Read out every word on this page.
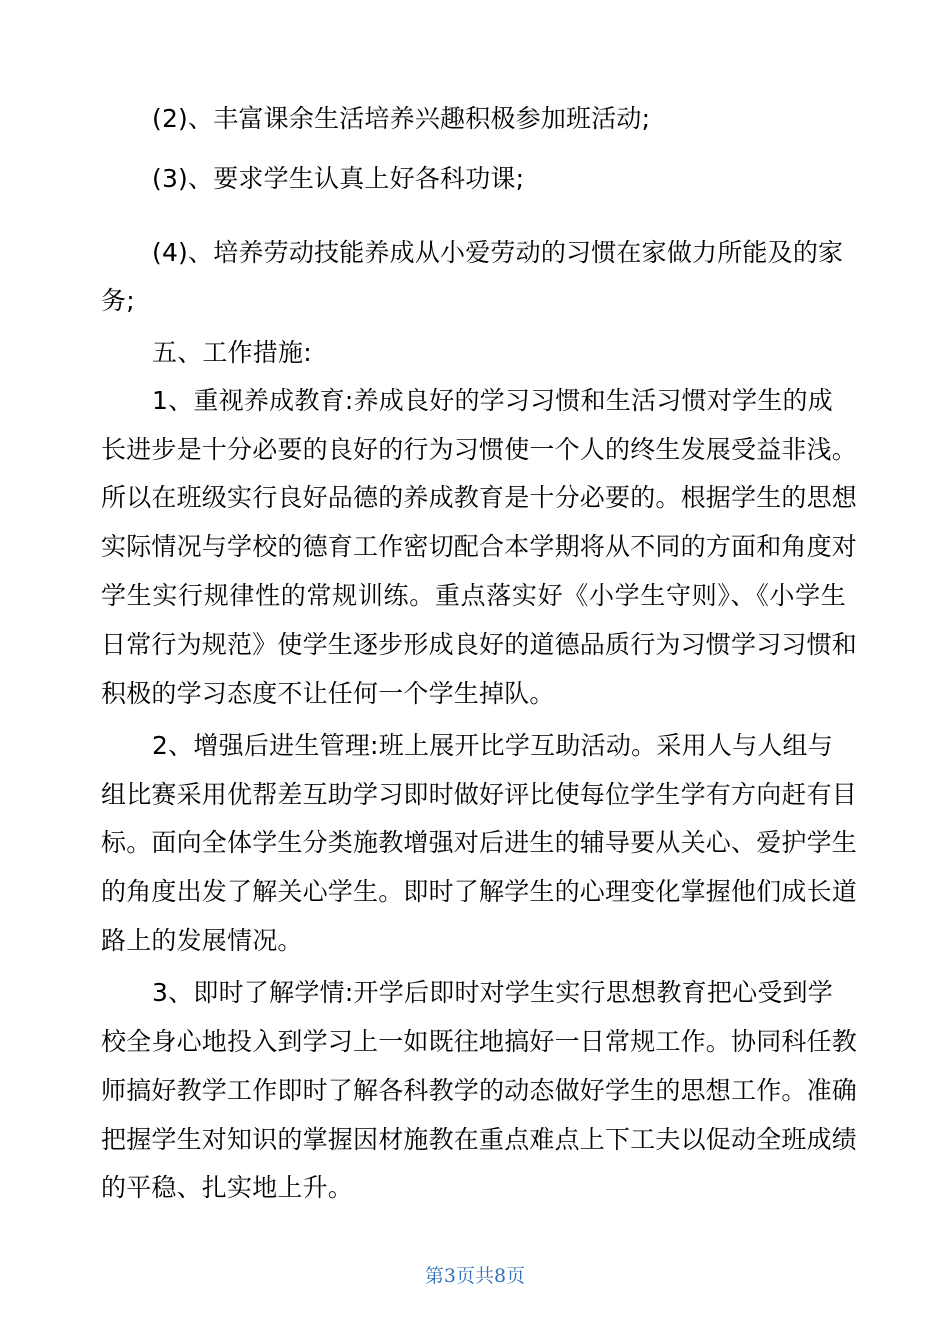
(2)、丰富课余生活培养兴趣积极参加班活动;
(3)、要求学生认真上好各科功课;
(4)、培养劳动技能养成从小爱劳动的习惯在家做力所能及的家
务;
五、工作措施:
1、重视养成教育:养成良好的学习习惯和生活习惯对学生的成
长进步是十分必要的良好的行为习惯使一个人的终生发展受益非浅。
所以在班级实行良好品德的养成教育是十分必要的。根据学生的思想
实际情况与学校的德育工作密切配合本学期将从不同的方面和角度对
学生实行规律性的常规训练。重点落实好《小学生守则》、《小学生
日常行为规范》使学生逐步形成良好的道德品质行为习惯学习习惯和
积极的学习态度不让任何一个学生掉队。
2、增强后进生管理:班上展开比学互助活动。采用人与人组与
组比赛采用优帮差互助学习即时做好评比使每位学生学有方向赶有目
标。面向全体学生分类施教增强对后进生的辅导要从关心、爱护学生
的角度出发了解关心学生。即时了解学生的心理变化掌握他们成长道
路上的发展情况。
3、即时了解学情:开学后即时对学生实行思想教育把心受到学
校全身心地投入到学习上一如既往地搞好一日常规工作。协同科任教
师搞好教学工作即时了解各科教学的动态做好学生的思想工作。准确
把握学生对知识的掌握因材施教在重点难点上下工夫以促动全班成绩
的平稳、扎实地上升。
第3页共8页
